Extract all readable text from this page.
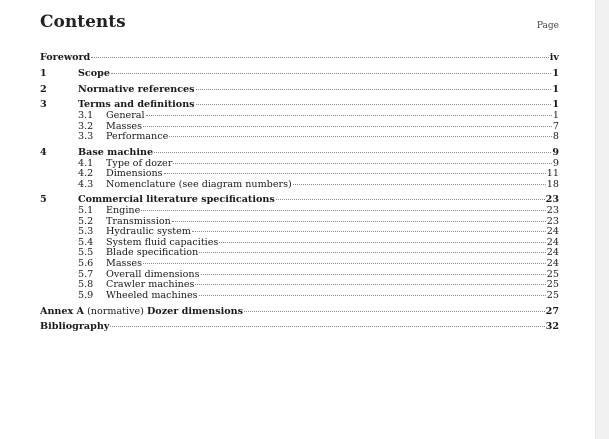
Contents	Page
Foreword	iv
1	Scope	1
2	Normative references	1
3	Terms and definitions	1
3.1	General	1
3.2	Masses	7
3.3	Performance	8
4	Base machine	9
4.1	Type of dozer	9
4.2	Dimensions	11
4.3	Nomenclature (see diagram numbers)	18
5	Commercial literature specifications	23
5.1	Engine	23
5.2	Transmission	23
5.3	Hydraulic system	24
5.4	System fluid capacities	24
5.5	Blade specification	24
5.6	Masses	24
5.7	Overall dimensions	25
5.8	Crawler machines	25
5.9	Wheeled machines	25
Annex A (normative) Dozer dimensions	27
Bibliography	32
